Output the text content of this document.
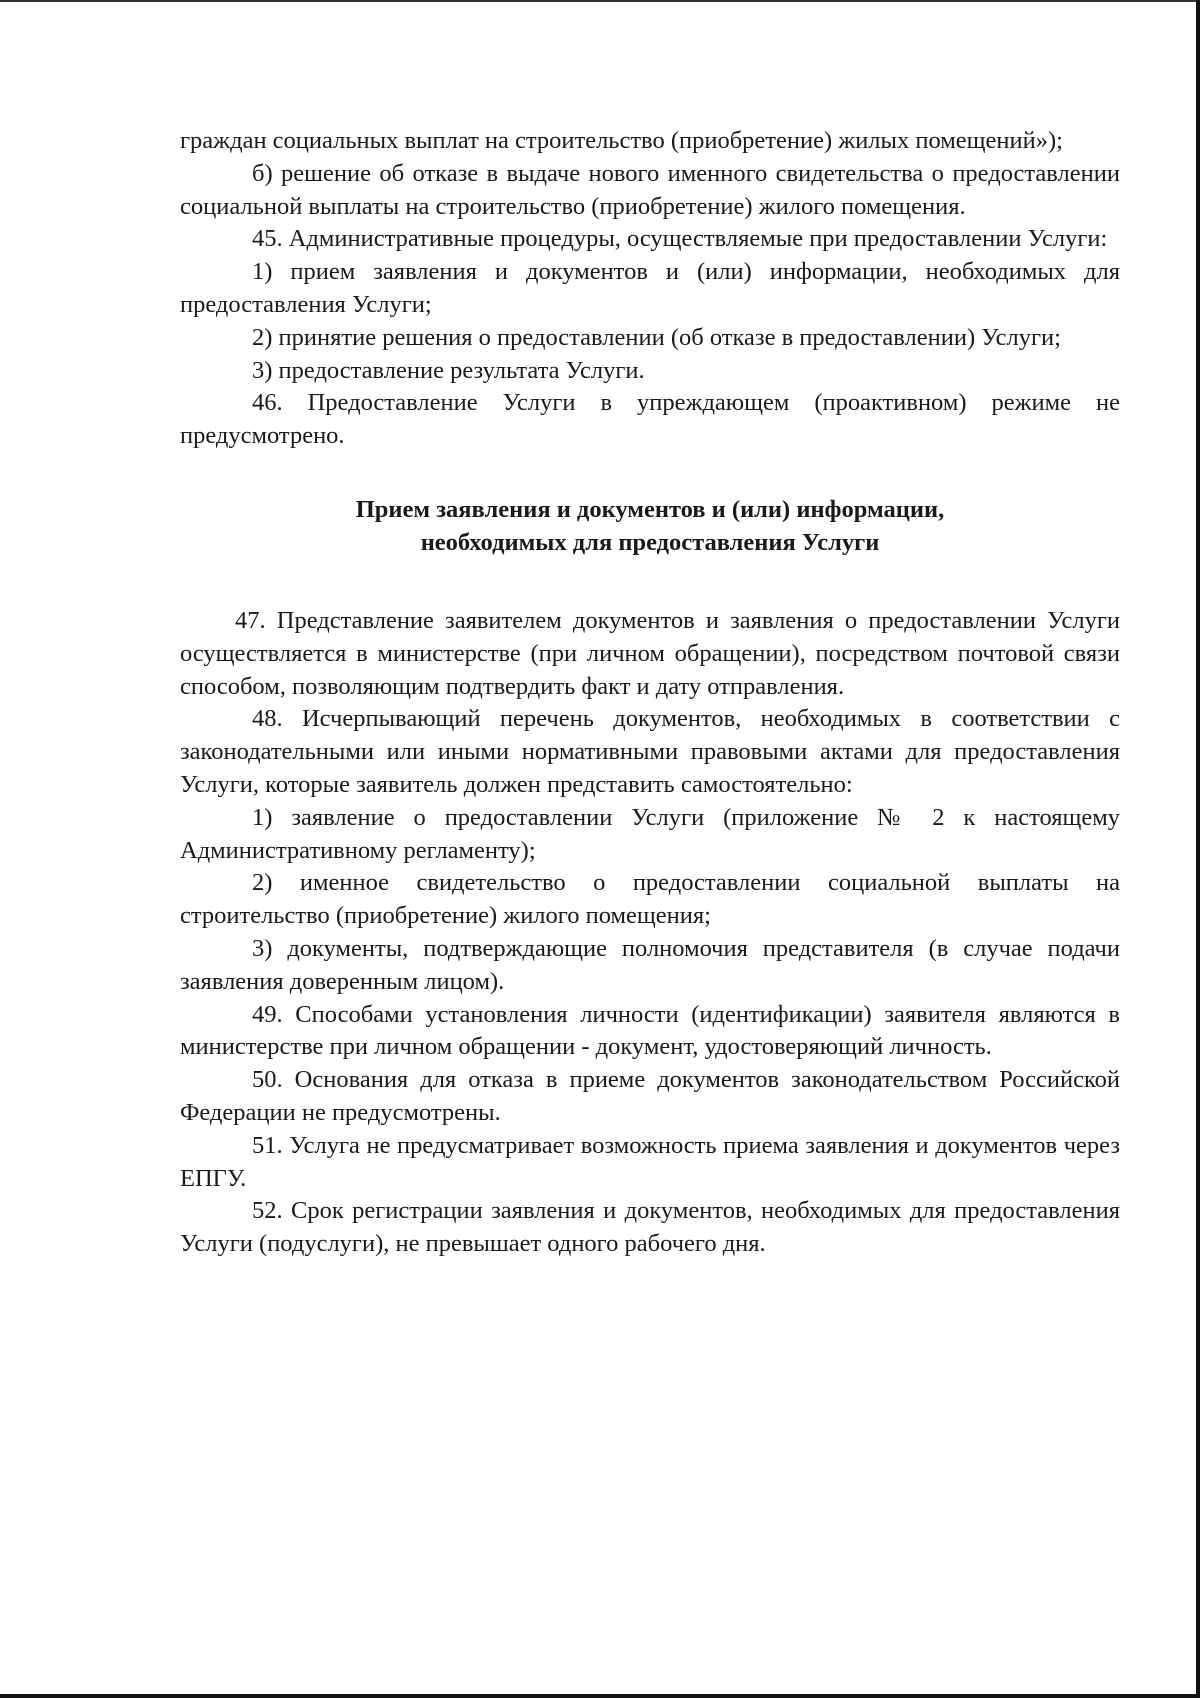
граждан социальных выплат на строительство (приобретение) жилых помещений»);

б) решение об отказе в выдаче нового именного свидетельства о предоставлении социальной выплаты на строительство (приобретение) жилого помещения.

45. Административные процедуры, осуществляемые при предоставлении Услуги:

1) прием заявления и документов и (или) информации, необходимых для предоставления Услуги;

2) принятие решения о предоставлении (об отказе в предоставлении) Услуги;

3) предоставление результата Услуги.

46. Предоставление Услуги в упреждающем (проактивном) режиме не предусмотрено.

Прием заявления и документов и (или) информации,
необходимых для предоставления Услуги

47. Представление заявителем документов и заявления о предоставлении Услуги осуществляется в министерстве (при личном обращении), посредством почтовой связи способом, позволяющим подтвердить факт и дату отправления.

48. Исчерпывающий перечень документов, необходимых в соответствии с законодательными или иными нормативными правовыми актами для предоставления Услуги, которые заявитель должен представить самостоятельно:

1) заявление о предоставлении Услуги (приложение № 2 к настоящему Административному регламенту);

2) именное свидетельство о предоставлении социальной выплаты на строительство (приобретение) жилого помещения;

3) документы, подтверждающие полномочия представителя (в случае подачи заявления доверенным лицом).

49. Способами установления личности (идентификации) заявителя являются в министерстве при личном обращении - документ, удостоверяющий личность.

50. Основания для отказа в приеме документов законодательством Российской Федерации не предусмотрены.

51. Услуга не предусматривает возможность приема заявления и документов через ЕПГУ.

52. Срок регистрации заявления и документов, необходимых для предоставления Услуги (подуслуги), не превышает одного рабочего дня.
